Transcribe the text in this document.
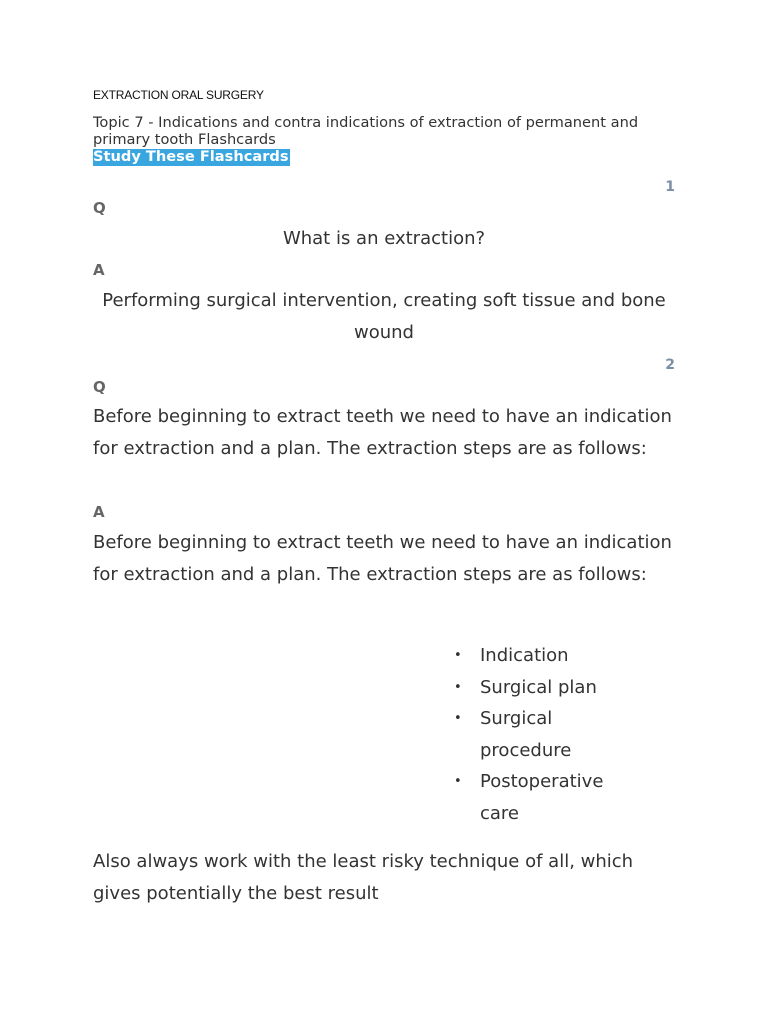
EXTRACTION ORAL SURGERY
Topic 7 - Indications and contra indications of extraction of permanent and primary tooth Flashcards
Study These Flashcards
1
Q
What is an extraction?
A
Performing surgical intervention, creating soft tissue and bone wound
2
Q
Before beginning to extract teeth we need to have an indication for extraction and a plan. The extraction steps are as follows:
A
Before beginning to extract teeth we need to have an indication for extraction and a plan. The extraction steps are as follows:
• Indication
• Surgical plan
• Surgical procedure
• Postoperative care
Also always work with the least risky technique of all, which gives potentially the best result
